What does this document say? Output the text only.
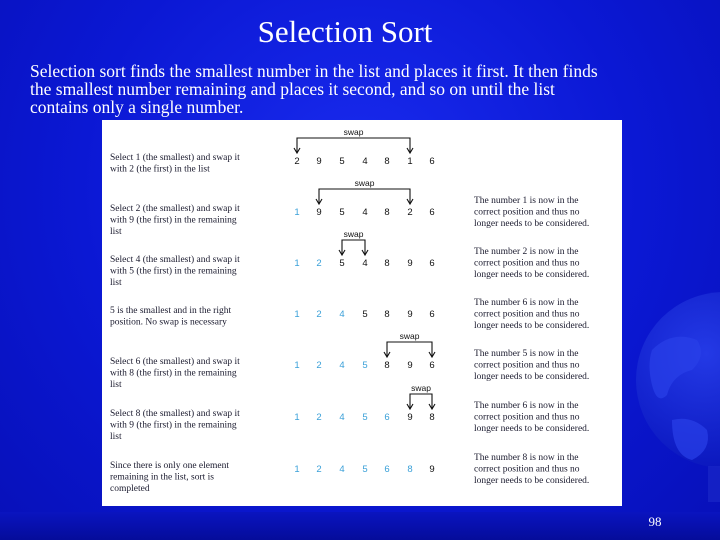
Selection Sort
Selection sort finds the smallest number in the list and places it first. It then finds
the smallest number remaining and places it second, and so on until the list
contains only a single number.
Select 1 (the smallest) and swap it
with 2 (the first) in the list
2 9 5 4 8 1 6
swap
Select 2 (the smallest) and swap it
with 9 (the first) in the remaining
list
The number 1 is now in the
correct position and thus no
longer needs to be considered.
1 9 5 4 8 2 6
swap
Select 4 (the smallest) and swap it
with 5 (the first) in the remaining
list
The number 2 is now in the
correct position and thus no
longer needs to be considered.
1 2 5 4 8 9 6
swap
5 is the smallest and in the right
position. No swap is necessary
The number 6 is now in the
correct position and thus no
longer needs to be considered.
1 2 4 5 8 9 6
Select 6 (the smallest) and swap it
with 8 (the first) in the remaining
list
The number 5 is now in the
correct position and thus no
longer needs to be considered.
1 2 4 5 8 9 6
swap
Select 8 (the smallest) and swap it
with 9 (the first) in the remaining
list
The number 6 is now in the
correct position and thus no
longer needs to be considered.
1 2 4 5 6 9 8
swap
Since there is only one element
remaining in the list, sort is
completed
The number 8 is now in the
correct position and thus no
longer needs to be considered.
1 2 4 5 6 8 9
98
